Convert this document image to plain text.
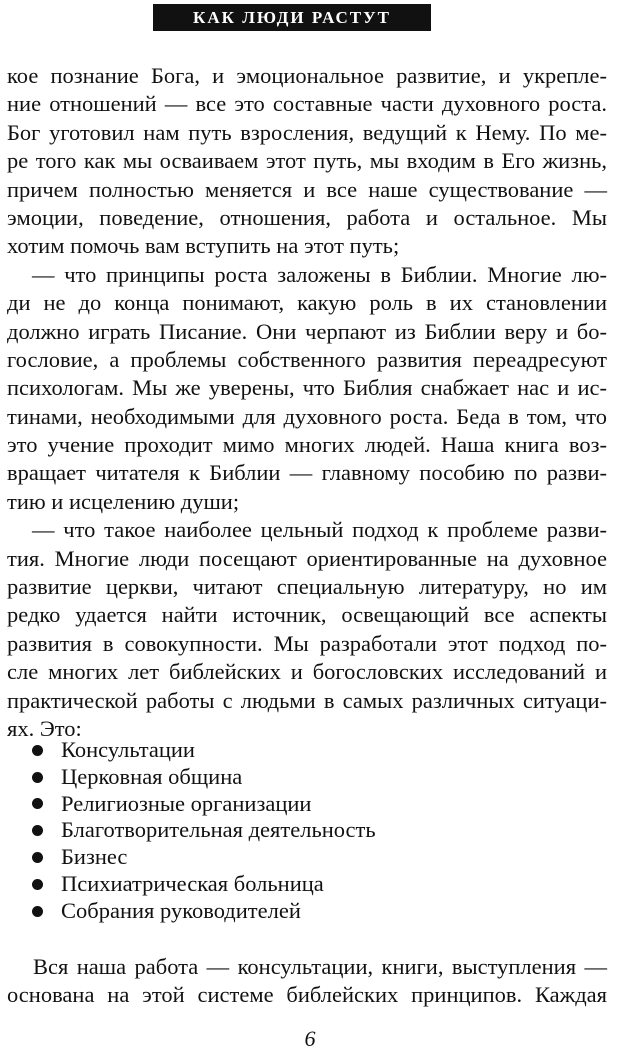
КАК ЛЮДИ РАСТУТ
кое познание Бога, и эмоциональное развитие, и укрепле-
ние отношений — все это составные части духовного роста.
Бог уготовил нам путь взросления, ведущий к Нему. По ме-
ре того как мы осваиваем этот путь, мы входим в Его жизнь,
причем полностью меняется и все наше существование —
эмоции, поведение, отношения, работа и остальное. Мы
хотим помочь вам вступить на этот путь;
— что принципы роста заложены в Библии. Многие лю-
ди не до конца понимают, какую роль в их становлении
должно играть Писание. Они черпают из Библии веру и бо-
гословие, а проблемы собственного развития переадресуют
психологам. Мы же уверены, что Библия снабжает нас и ис-
тинами, необходимыми для духовного роста. Беда в том, что
это учение проходит мимо многих людей. Наша книга воз-
вращает читателя к Библии — главному пособию по разви-
тию и исцелению души;
— что такое наиболее цельный подход к проблеме разви-
тия. Многие люди посещают ориентированные на духовное
развитие церкви, читают специальную литературу, но им
редко удается найти источник, освещающий все аспекты
развития в совокупности. Мы разработали этот подход по-
сле многих лет библейских и богословских исследований и
практической работы с людьми в самых различных ситуаци-
ях. Это:
Консультации
Церковная община
Религиозные организации
Благотворительная деятельность
Бизнес
Психиатрическая больница
Собрания руководителей
Вся наша работа — консультации, книги, выступления —
основана на этой системе библейских принципов. Каждая
6
